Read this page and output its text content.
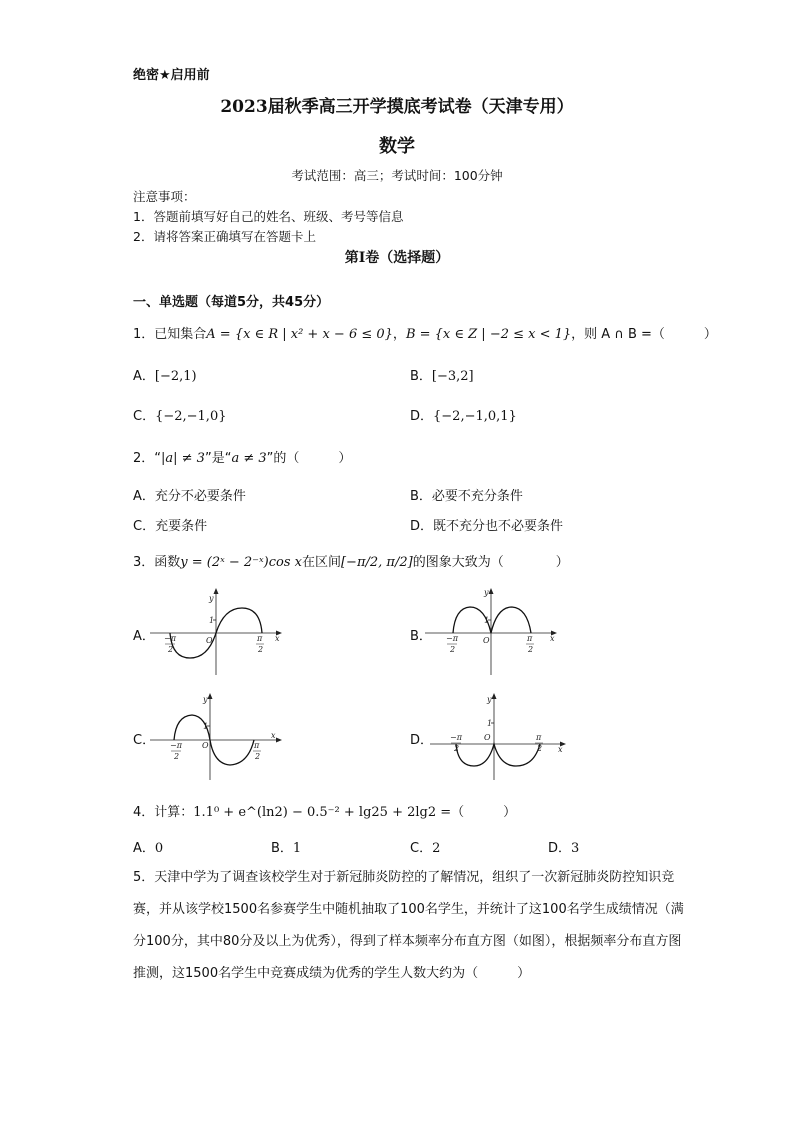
绝密★启用前
2023届秋季高三开学摸底考试卷（天津专用）
数学
考试范围：高三；考试时间：100分钟
注意事项：
1．答题前填写好自己的姓名、班级、考号等信息
2．请将答案正确填写在答题卡上
第I卷（选择题）
一、单选题（每道5分，共45分）
1．已知集合A = {x ∈ R | x² + x − 6 ≤ 0}，B = {x ∈ Z | −2 ≤ x < 1}，则 A ∩ B =（　　　）
A．[−2,1)	B．[−3,2]
C．{−2,−1,0}	D．{−2,−1,0,1}
2．“|a| ≠ 3”是“a ≠ 3”的（　　　）
A．充分不必要条件	B．必要不充分条件
C．充要条件	D．既不充分也不必要条件
3．函数y = (2ˣ − 2⁻ˣ)cos x在区间[−π/2, π/2]的图象大致为（　　　　）
A．	B．
C．	D．
y
x
O
1
−π
2
π
2
y
x
O
1
−π
2
π
2
y
x
O
1
−π
2
π
2
y
x
O
1
−π
2
π
2
4．计算：1.1⁰ + e^(ln2) − 0.5⁻² + lg25 + 2lg2 =（　　　）
A．0	B．1	C．2	D．3
5．天津中学为了调查该校学生对于新冠肺炎防控的了解情况，组织了一次新冠肺炎防控知识竞赛，并从该学校1500名参赛学生中随机抽取了100名学生，并统计了这100名学生成绩情况（满分100分，其中80分及以上为优秀），得到了样本频率分布直方图（如图），根据频率分布直方图推测，这1500名学生中竞赛成绩为优秀的学生人数大约为（　　　）
